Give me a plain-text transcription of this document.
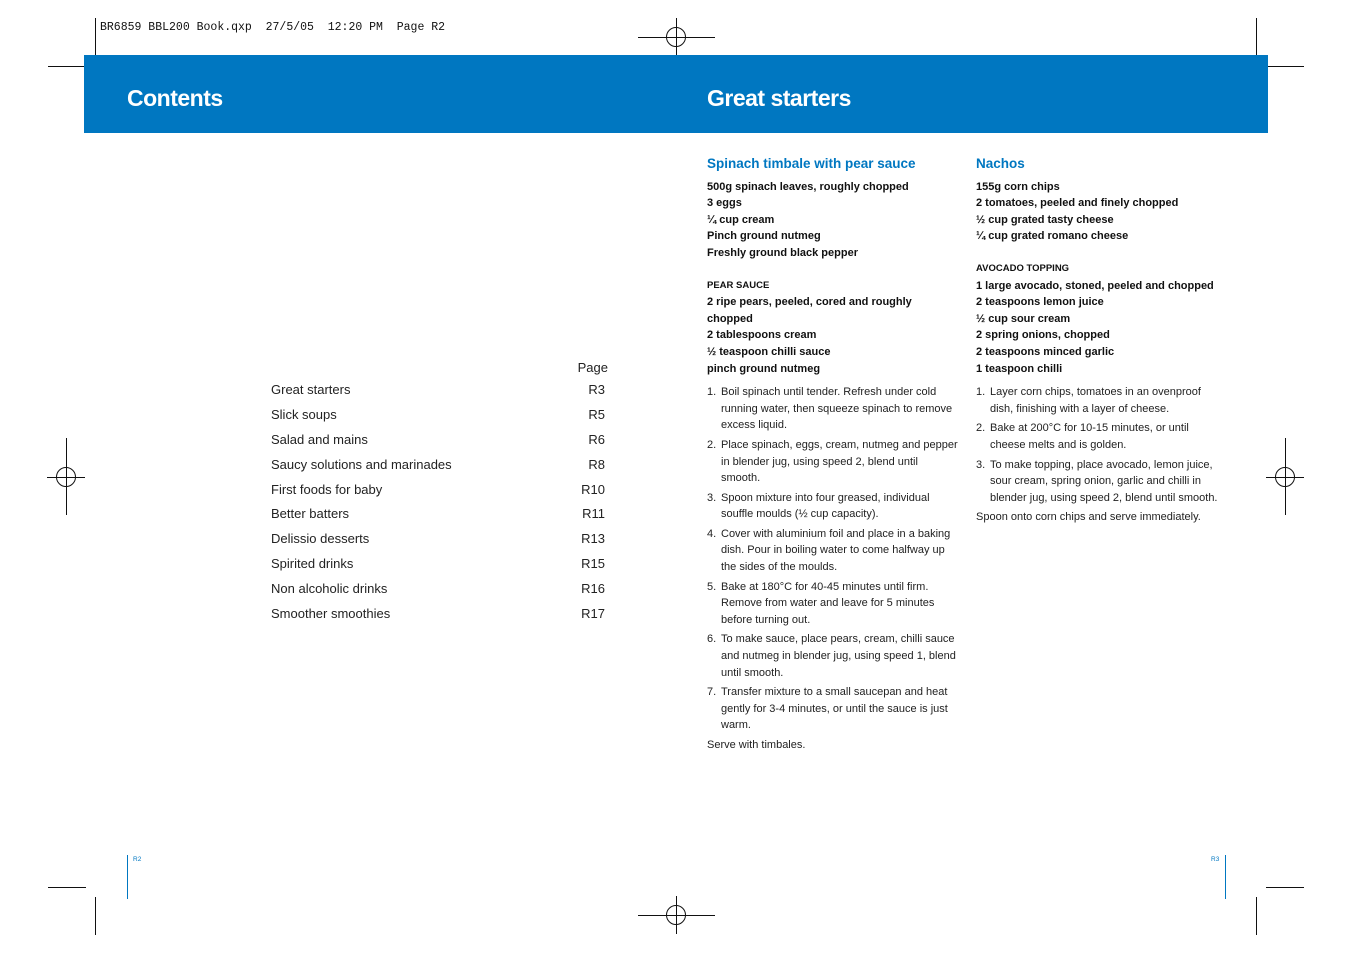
BR6859 BBL200 Book.qxp  27/5/05  12:20 PM  Page R2
Contents	Great starters
Page
Great starters	R3
Slick soups	R5
Salad and mains	R6
Saucy solutions and marinades	R8
First foods for baby	R10
Better batters	R11
Delissio desserts	R13
Spirited drinks	R15
Non alcoholic drinks	R16
Smoother smoothies	R17
Spinach timbale with pear sauce
500g spinach leaves, roughly chopped
3 eggs
¼ cup cream
Pinch ground nutmeg
Freshly ground black pepper
PEAR SAUCE
2 ripe pears, peeled, cored and roughly chopped
2 tablespoons cream
½ teaspoon chilli sauce
pinch ground nutmeg
1. Boil spinach until tender. Refresh under cold running water, then squeeze spinach to remove excess liquid.
2. Place spinach, eggs, cream, nutmeg and pepper in blender jug, using speed 2, blend until smooth.
3. Spoon mixture into four greased, individual souffle moulds (½ cup capacity).
4. Cover with aluminium foil and place in a baking dish. Pour in boiling water to come halfway up the sides of the moulds.
5. Bake at 180°C for 40-45 minutes until firm. Remove from water and leave for 5 minutes before turning out.
6. To make sauce, place pears, cream, chilli sauce and nutmeg in blender jug, using speed 1, blend until smooth.
7. Transfer mixture to a small saucepan and heat gently for 3-4 minutes, or until the sauce is just warm.
Serve with timbales.
Nachos
155g corn chips
2 tomatoes, peeled and finely chopped
½ cup grated tasty cheese
¼ cup grated romano cheese
AVOCADO TOPPING
1 large avocado, stoned, peeled and chopped
2 teaspoons lemon juice
½ cup sour cream
2 spring onions, chopped
2 teaspoons minced garlic
1 teaspoon chilli
1. Layer corn chips, tomatoes in an ovenproof dish, finishing with a layer of cheese.
2. Bake at 200°C for 10-15 minutes, or until cheese melts and is golden.
3. To make topping, place avocado, lemon juice, sour cream, spring onion, garlic and chilli in blender jug, using speed 2, blend until smooth.
Spoon onto corn chips and serve immediately.
R2	R3
